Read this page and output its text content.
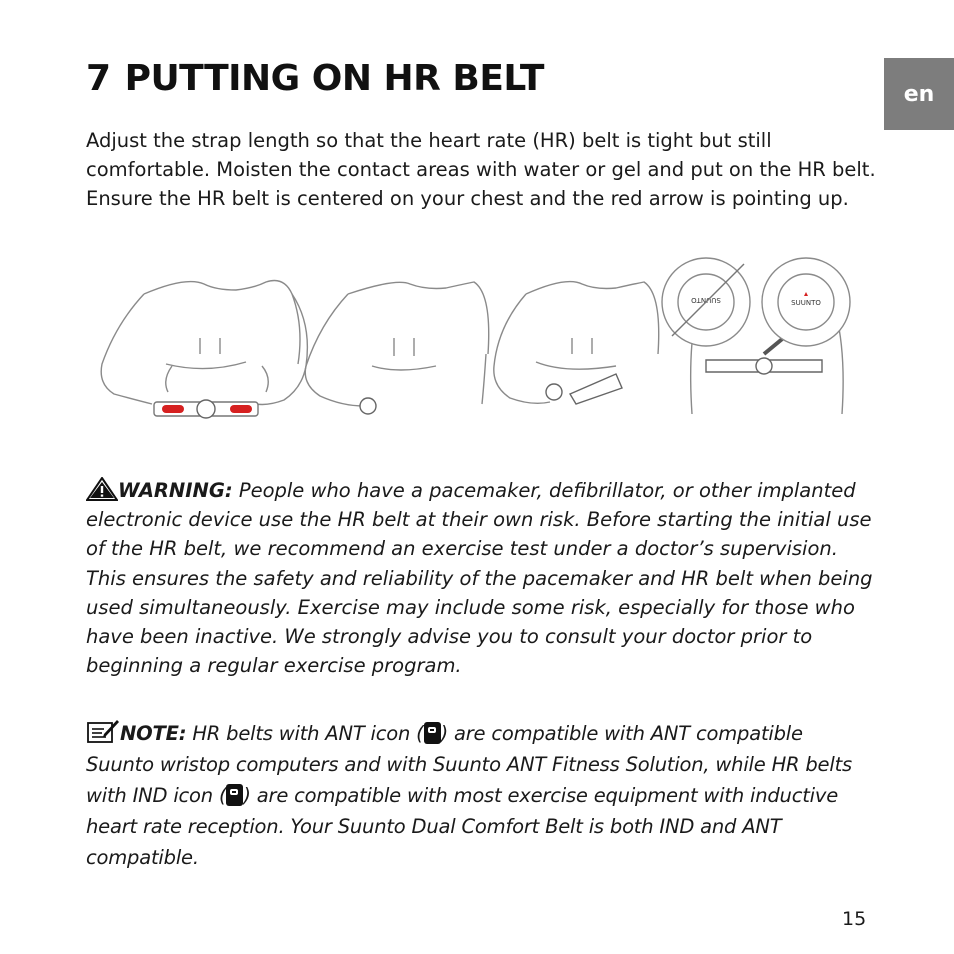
en
7 PUTTING ON HR BELT

Adjust the strap length so that the heart rate (HR) belt is tight but still comfortable. Moisten the contact areas with water or gel and put on the HR belt. Ensure the HR belt is centered on your chest and the red arrow is pointing up.

SUUNTO	SUUNTO

WARNING: People who have a pacemaker, defibrillator, or other implanted electronic device use the HR belt at their own risk. Before starting the initial use of the HR belt, we recommend an exercise test under a doctor’s supervision. This ensures the safety and reliability of the pacemaker and HR belt when being used simultaneously. Exercise may include some risk, especially for those who have been inactive. We strongly advise you to consult your doctor prior to beginning a regular exercise program.

NOTE: HR belts with ANT icon ( ) are compatible with ANT compatible Suunto wristop computers and with Suunto ANT Fitness Solution, while HR belts with IND icon ( ) are compatible with most exercise equipment with inductive heart rate reception. Your Suunto Dual Comfort Belt is both IND and ANT compatible.

15
